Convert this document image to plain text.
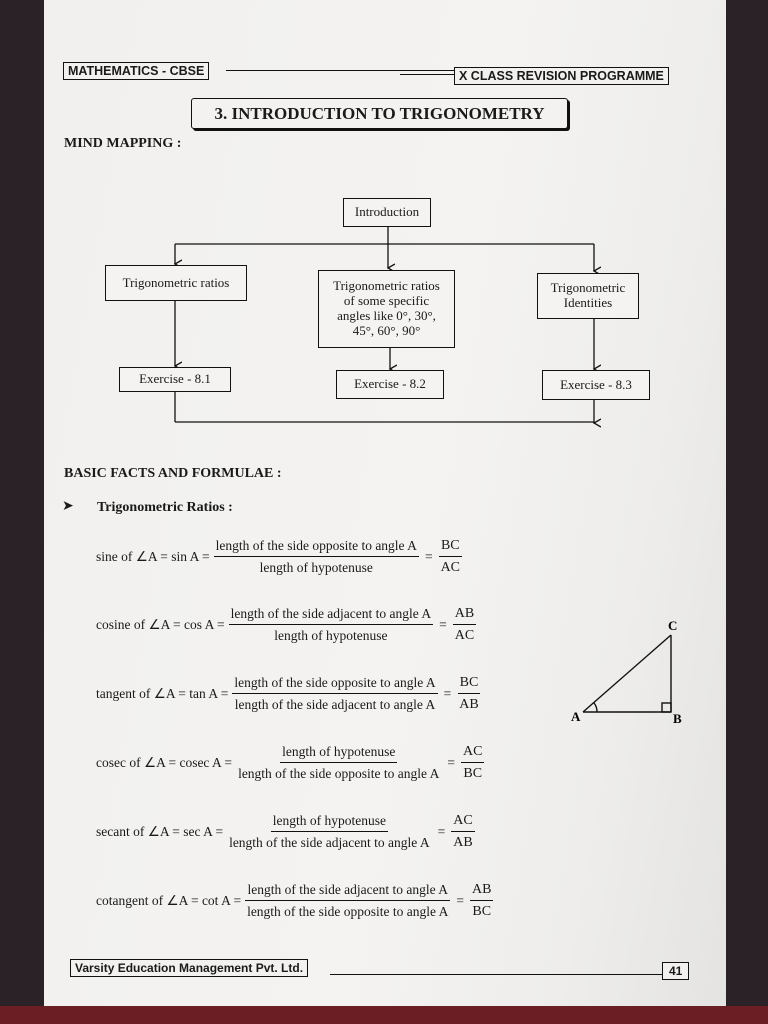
MATHEMATICS - CBSE	X CLASS REVISION PROGRAMME
3. INTRODUCTION TO TRIGONOMETRY
MIND MAPPING :
Introduction
Trigonometric ratios	Trigonometric ratios
of some specific
angles like 0°, 30°,
45°, 60°, 90°
Trigonometric
Identities
Exercise - 8.1	Exercise - 8.2	Exercise - 8.3
BASIC FACTS AND FORMULAE :
➤ Trigonometric Ratios :
sine of ∠A = $\sin A = \frac{\text{length of the side opposite to angle A}}{\text{length of hypotenuse}} = \frac{BC}{AC}$
cosine of ∠A = $\cos A = \frac{\text{length of the side adjacent to angle A}}{\text{length of hypotenuse}} = \frac{AB}{AC}$
tangent of ∠A = $\tan A = \frac{\text{length of the side opposite to angle A}}{\text{length of the side adjacent to angle A}} = \frac{BC}{AB}$
cosec of ∠A = cosec $A = \frac{\text{length of hypotenuse}}{\text{length of the side opposite to angle A}} = \frac{AC}{BC}$
secant of ∠A = $\sec A = \frac{\text{length of hypotenuse}}{\text{length of the side adjacent to angle A}} = \frac{AC}{AB}$
cotangent of ∠A = $\cot A = \frac{\text{length of the side adjacent to angle A}}{\text{length of the side opposite to angle A}} = \frac{AB}{BC}$
A	B
C
Varsity Education Management Pvt. Ltd.	41
